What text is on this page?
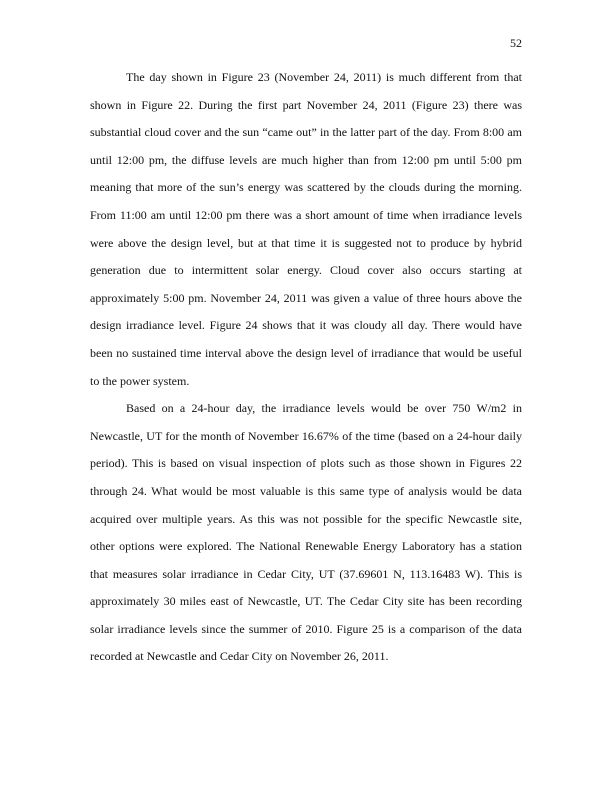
52
The day shown in Figure 23 (November 24, 2011) is much different from that
shown in Figure 22. During the first part November 24, 2011 (Figure 23) there was
substantial cloud cover and the sun “came out” in the latter part of the day. From 8:00 am
until 12:00 pm, the diffuse levels are much higher than from 12:00 pm until 5:00 pm
meaning that more of the sun’s energy was scattered by the clouds during the morning.
From 11:00 am until 12:00 pm there was a short amount of time when irradiance levels
were above the design level, but at that time it is suggested not to produce by hybrid
generation due to intermittent solar energy. Cloud cover also occurs starting at
approximately 5:00 pm. November 24, 2011 was given a value of three hours above the
design irradiance level. Figure 24 shows that it was cloudy all day. There would have
been no sustained time interval above the design level of irradiance that would be useful
to the power system.
Based on a 24-hour day, the irradiance levels would be over 750 W/m2 in
Newcastle, UT for the month of November 16.67% of the time (based on a 24-hour daily
period). This is based on visual inspection of plots such as those shown in Figures 22
through 24. What would be most valuable is this same type of analysis would be data
acquired over multiple years. As this was not possible for the specific Newcastle site,
other options were explored. The National Renewable Energy Laboratory has a station
that measures solar irradiance in Cedar City, UT (37.69601 N, 113.16483 W). This is
approximately 30 miles east of Newcastle, UT. The Cedar City site has been recording
solar irradiance levels since the summer of 2010. Figure 25 is a comparison of the data
recorded at Newcastle and Cedar City on November 26, 2011.
